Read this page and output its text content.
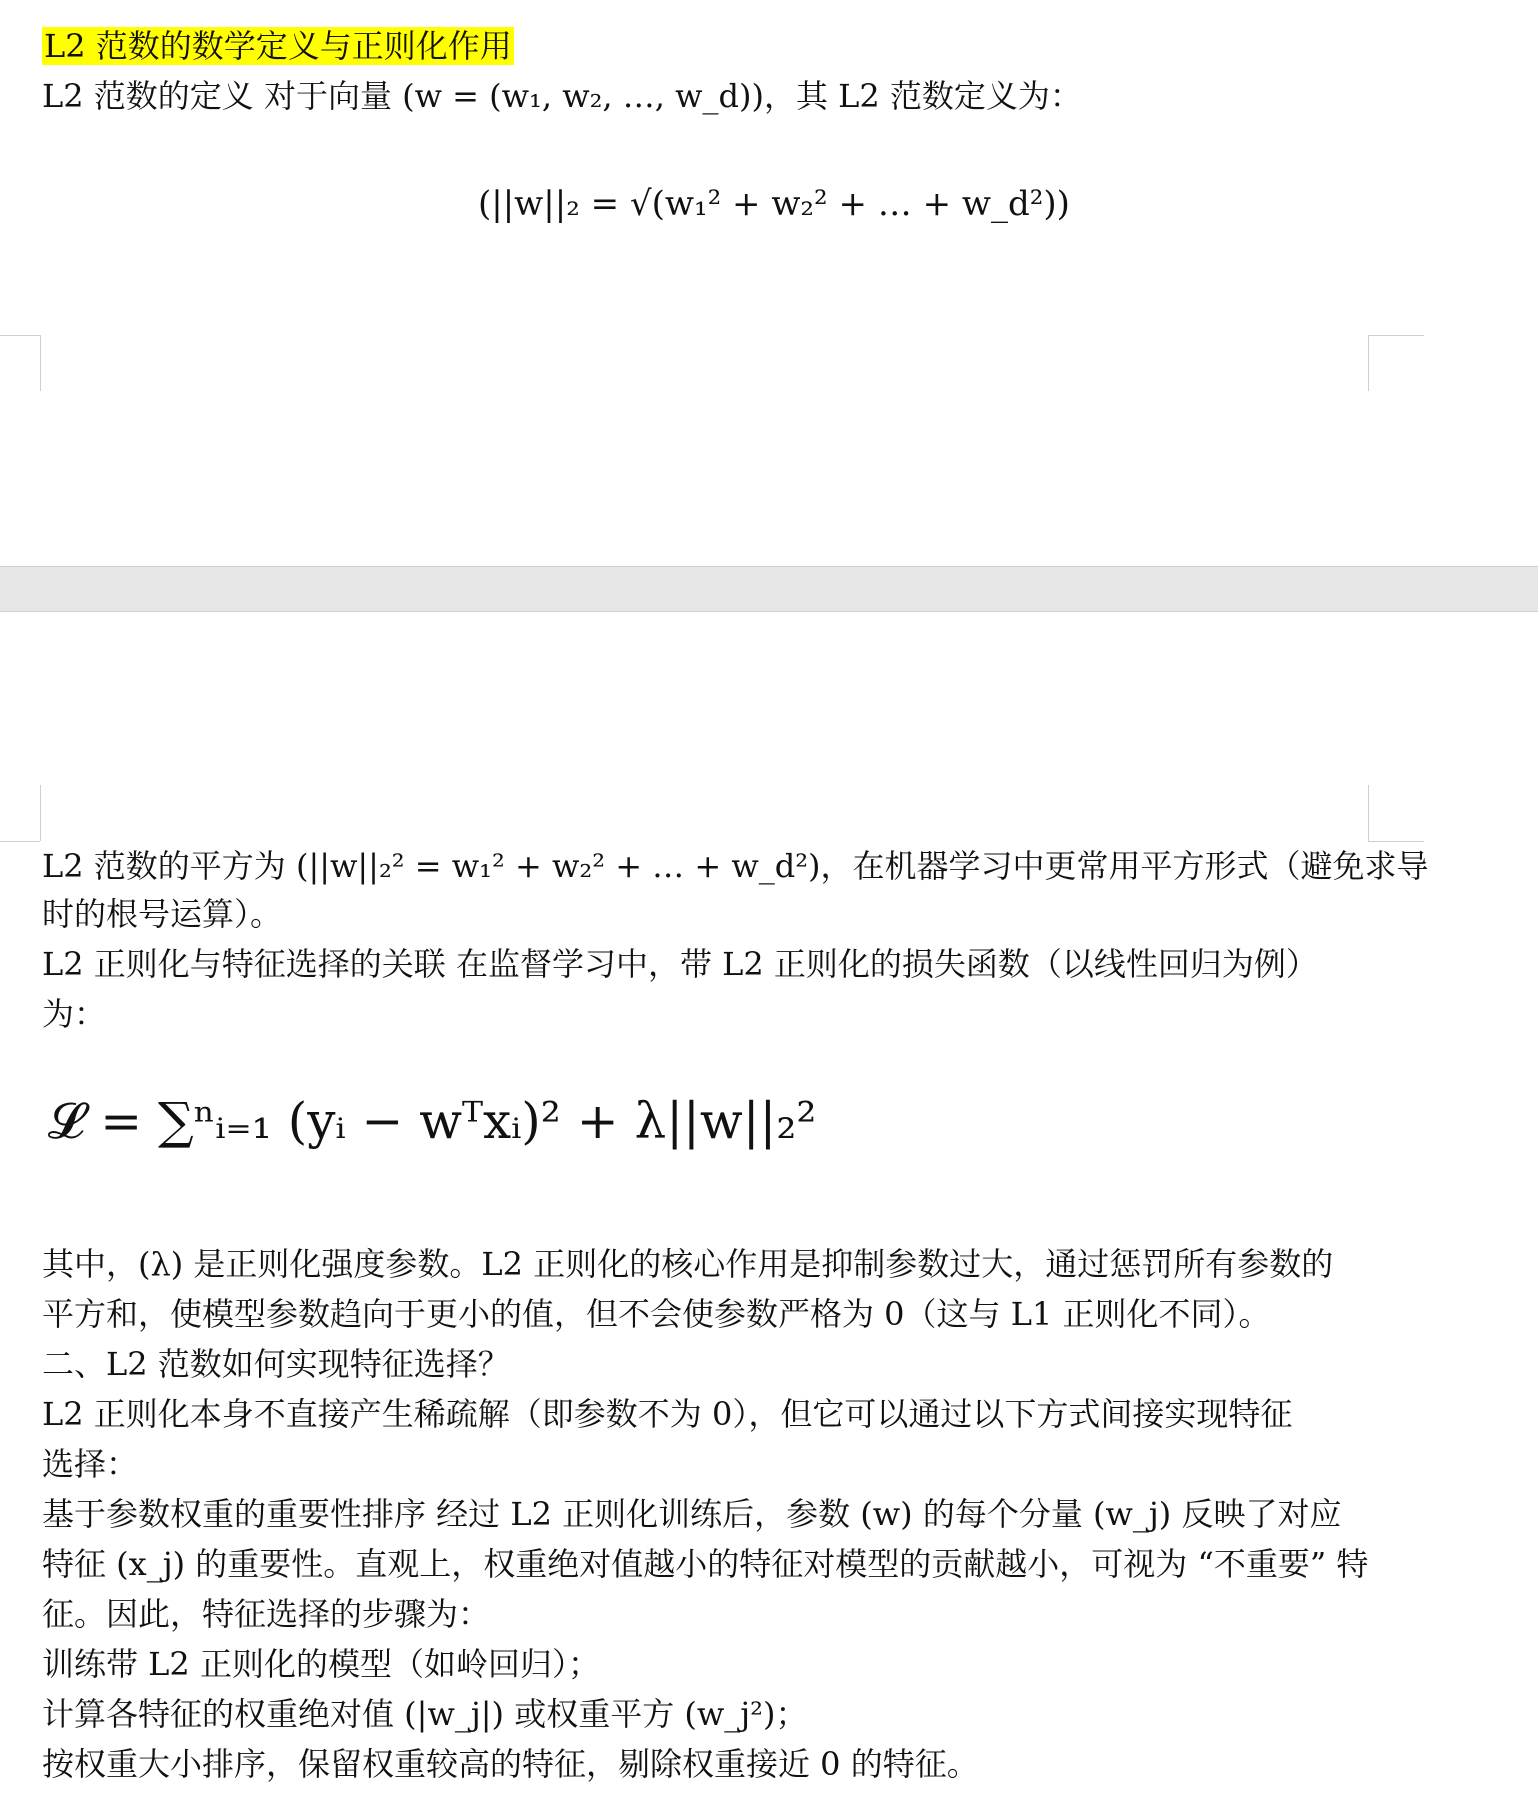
L2 范数的数学定义与正则化作用
L2 范数的定义 对于向量 (w = (w₁, w₂, …, w_d))，其 L2 范数定义为：
(||w||₂ = √(w₁² + w₂² + … + w_d²))
L2 范数的平方为 (||w||₂² = w₁² + w₂² + … + w_d²)，在机器学习中更常用平方形式（避免求导
时的根号运算）。
L2 正则化与特征选择的关联 在监督学习中，带 L2 正则化的损失函数（以线性回归为例）
为：
𝓛 = ∑ⁿᵢ₌₁ (yᵢ − wᵀxᵢ)² + λ||w||₂²
其中，(λ) 是正则化强度参数。L2 正则化的核心作用是抑制参数过大，通过惩罚所有参数的
平方和，使模型参数趋向于更小的值，但不会使参数严格为 0（这与 L1 正则化不同）。
二、L2 范数如何实现特征选择？
L2 正则化本身不直接产生稀疏解（即参数不为 0），但它可以通过以下方式间接实现特征
选择：
基于参数权重的重要性排序 经过 L2 正则化训练后，参数 (w) 的每个分量 (w_j) 反映了对应
特征 (x_j) 的重要性。直观上，权重绝对值越小的特征对模型的贡献越小，可视为 “不重要” 特
征。因此，特征选择的步骤为：
训练带 L2 正则化的模型（如岭回归）；
计算各特征的权重绝对值 (|w_j|) 或权重平方 (w_j²)；
按权重大小排序，保留权重较高的特征，剔除权重接近 0 的特征。
